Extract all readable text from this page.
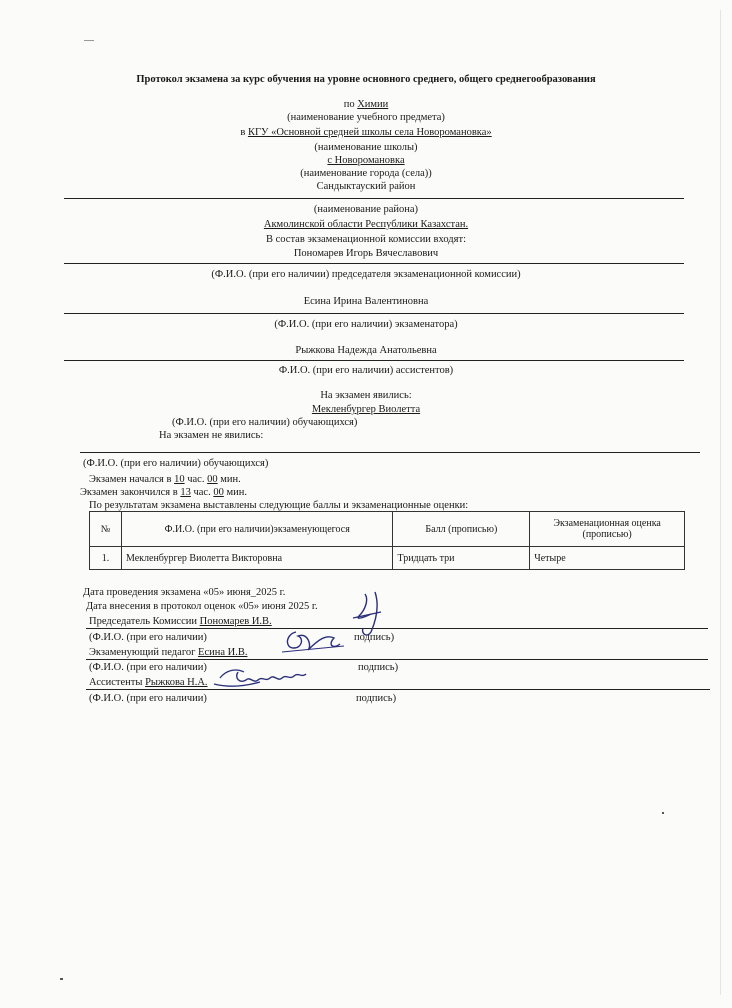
Протокол экзамена за курс обучения на уровне основного среднего, общего среднегообразования
по Химии
(наименование учебного предмета)
в КГУ «Основной средней школы села Новоромановка»
(наименование школы)
с Новоромановка
(наименование города (села))
Сандыктауский район
(наименование района)
Акмолинской области Республики Казахстан.
В состав экзаменационной комиссии входят:
Пономарев Игорь Вячеславович
(Ф.И.О. (при его наличии) председателя экзаменационной комиссии)
Есина Ирина Валентиновна
(Ф.И.О. (при его наличии) экзаменатора)
Рыжкова Надежда Анатольевна
Ф.И.О. (при его наличии) ассистентов)
На экзамен явились:
Мекленбургер Виолетта
(Ф.И.О. (при его наличии) обучающихся)
На экзамен не явились:
(Ф.И.О. (при его наличии) обучающихся)
Экзамен начался в 10 час. 00 мин.
Экзамен закончился в 13 час. 00 мин.
По результатам экзамена выставлены следующие баллы и экзаменационные оценки:
№	Ф.И.О. (при его наличии)экзаменующегося	Балл (прописью)	Экзаменационная оценка (прописью)
1.	Мекленбургер Виолетта Викторовна	Тридцать три	Четыре
Дата проведения экзамена «05» июня_2025 г.
Дата внесения в протокол оценок «05» июня 2025 г.
Председатель Комиссии Пономарев И.В.
(Ф.И.О. (при его наличии)	подпись)
Экзаменующий педагог Есина И.В.
(Ф.И.О. (при его наличии)	подпись)
Ассистенты Рыжкова Н.А.
(Ф.И.О. (при его наличии)	подпись)
